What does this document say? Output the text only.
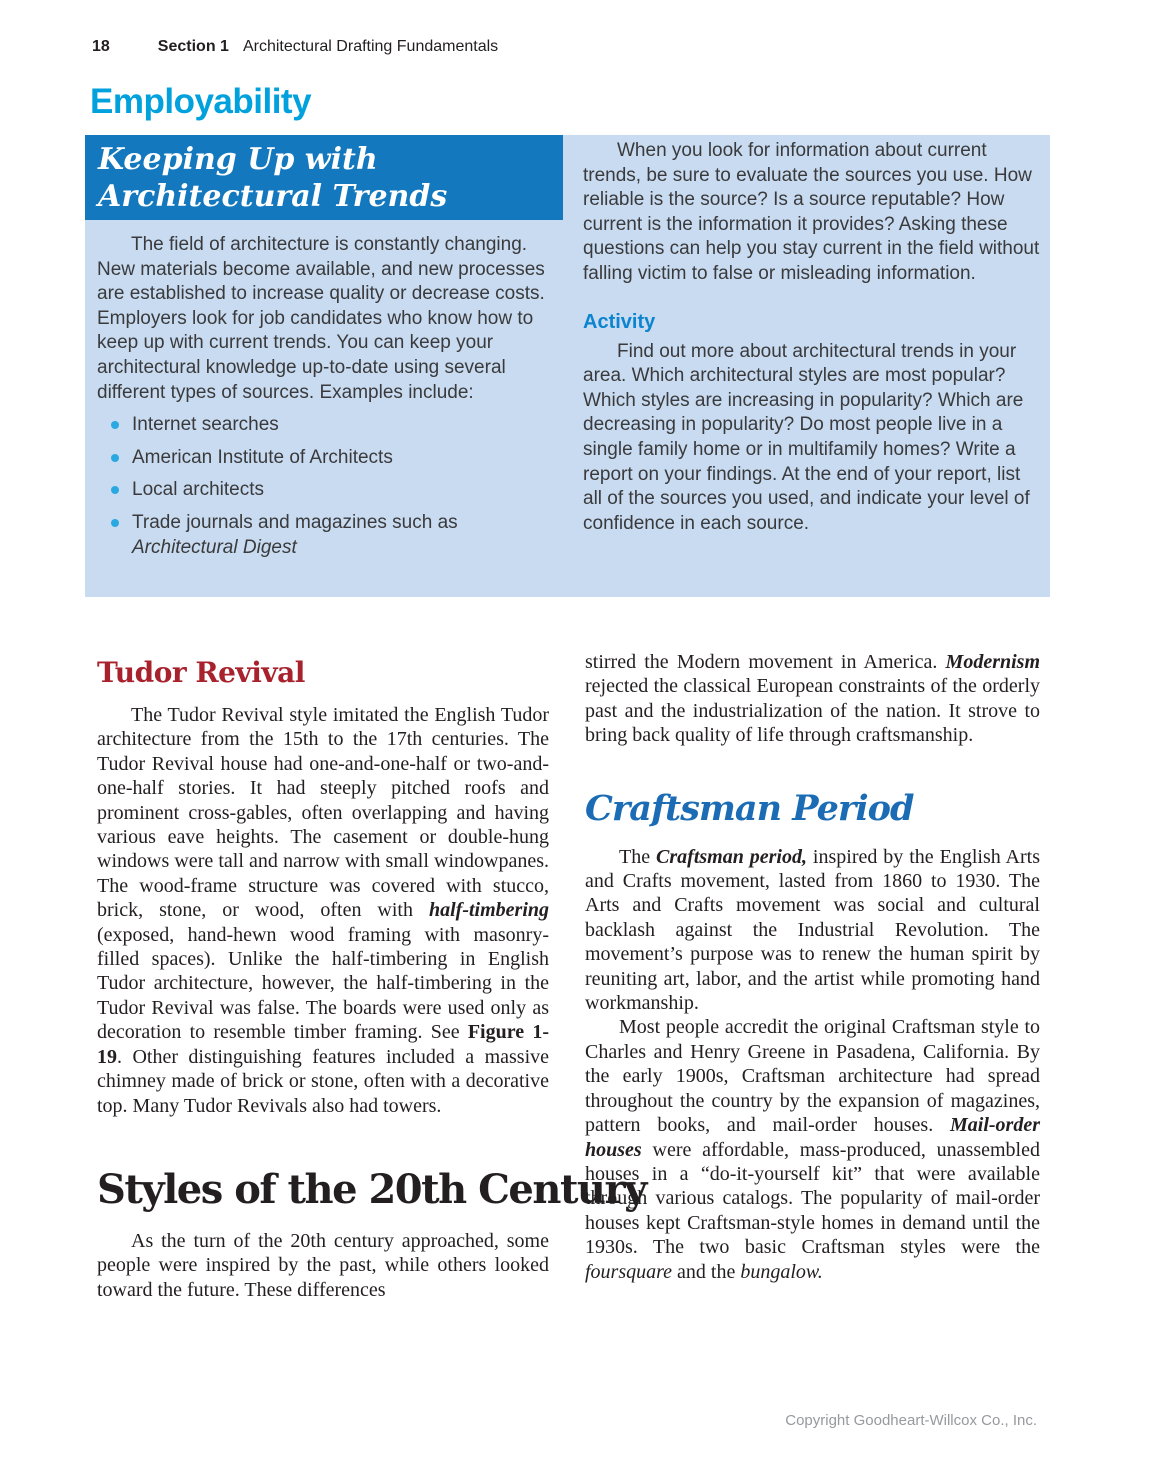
18	Section 1 Architectural Drafting Fundamentals
Employability
Keeping Up with
Architectural Trends

The field of architecture is constantly changing. New materials become available, and new processes are established to increase quality or decrease costs. Employers look for job candidates who know how to keep up with current trends. You can keep your architectural knowledge up-to-date using several different types of sources. Examples include:

Internet searches
American Institute of Architects
Local architects
Trade journals and magazines such as Architectural Digest

When you look for information about current trends, be sure to evaluate the sources you use. How reliable is the source? Is a source reputable? How current is the information it provides? Asking these questions can help you stay current in the field without falling victim to false or misleading information.

Activity

Find out more about architectural trends in your area. Which architectural styles are most popular? Which styles are increasing in popularity? Which are decreasing in popularity? Do most people live in a single family home or in multifamily homes? Write a report on your findings. At the end of your report, list all of the sources you used, and indicate your level of confidence in each source.

Tudor Revival

The Tudor Revival style imitated the English Tudor architecture from the 15th to the 17th centuries. The Tudor Revival house had one-and-one-half or two-and-one-half stories. It had steeply pitched roofs and prominent cross-gables, often overlapping and having various eave heights. The casement or double-hung windows were tall and narrow with small windowpanes. The wood-frame structure was covered with stucco, brick, stone, or wood, often with half-timbering (exposed, hand-hewn wood framing with masonry-filled spaces). Unlike the half-timbering in English Tudor architecture, however, the half-timbering in the Tudor Revival was false. The boards were used only as decoration to resemble timber framing. See Figure 1-19. Other distinguishing features included a massive chimney made of brick or stone, often with a decorative top. Many Tudor Revivals also had towers.

Styles of the 20th Century

As the turn of the 20th century approached, some people were inspired by the past, while others looked toward the future. These differences

stirred the Modern movement in America. Modernism rejected the classical European constraints of the orderly past and the industrialization of the nation. It strove to bring back quality of life through craftsmanship.

Craftsman Period

The Craftsman period, inspired by the English Arts and Crafts movement, lasted from 1860 to 1930. The Arts and Crafts movement was social and cultural backlash against the Industrial Revolution. The movement’s purpose was to renew the human spirit by reuniting art, labor, and the artist while promoting hand workmanship.

Most people accredit the original Craftsman style to Charles and Henry Greene in Pasadena, California. By the early 1900s, Craftsman architecture had spread throughout the country by the expansion of magazines, pattern books, and mail-order houses. Mail-order houses were affordable, mass-produced, unassembled houses in a “do-it-yourself kit” that were available through various catalogs. The popularity of mail-order houses kept Craftsman-style homes in demand until the 1930s. The two basic Craftsman styles were the foursquare and the bungalow.

Copyright Goodheart-Willcox Co., Inc.
